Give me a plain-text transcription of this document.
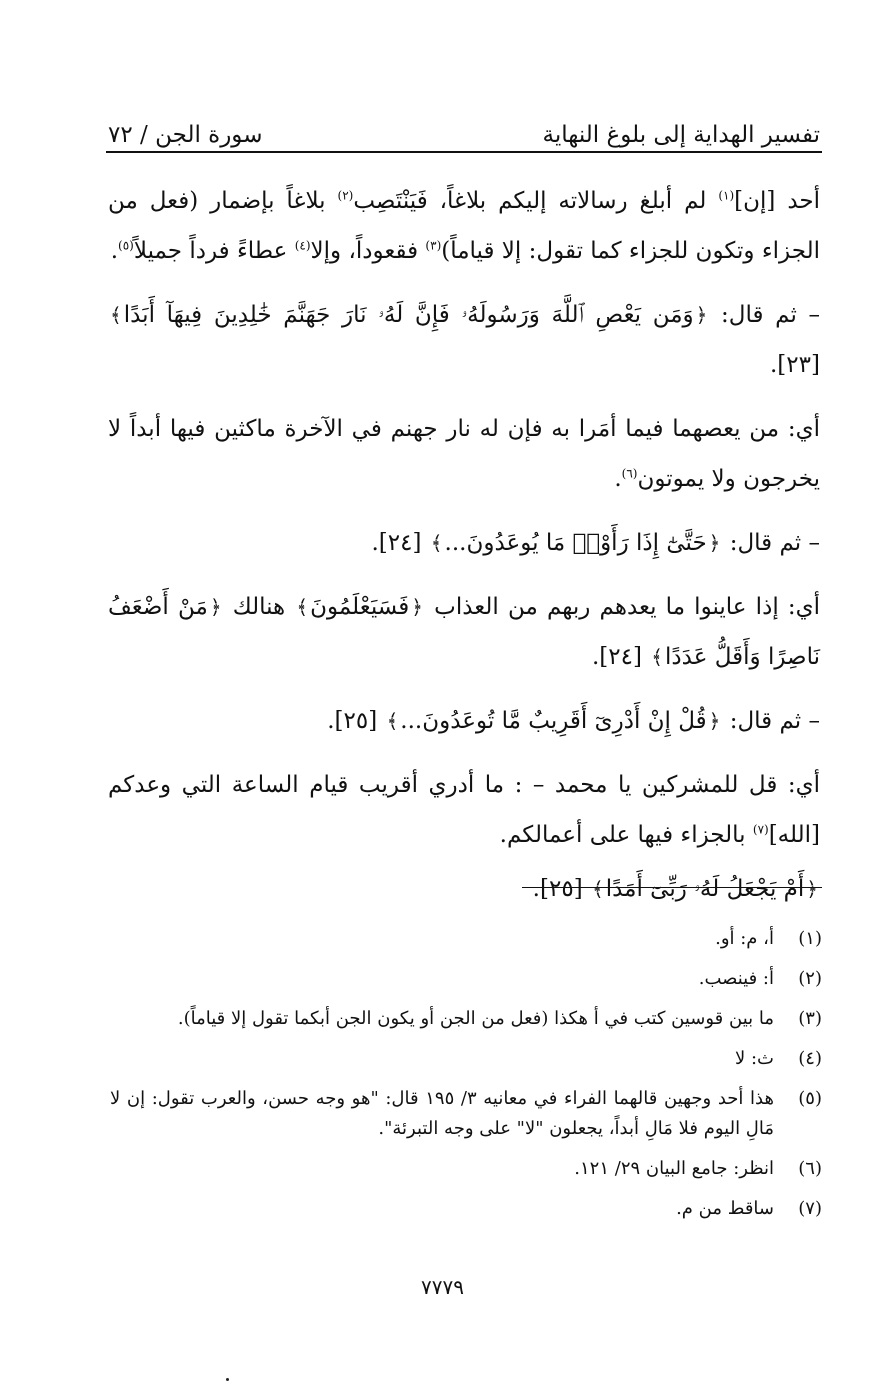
تفسير الهداية إلى بلوغ النهاية
سورة الجن / ٧٢

أحد [إن]$^{(١)}$ لم أبلغ رسالاته إليكم بلاغاً، فَيَنْتَصِب$^{(٢)}$ بلاغاً بإضمار (فعل من الجزاء وتكون للجزاء كما تقول: إلا قياماً)$^{(٣)}$ فقعوداً، وإلا$^{(٤)}$ عطاءً فرداً جميلاً$^{(٥)}$.

– ثم قال: ﴿وَمَن يَعْصِ ٱللَّهَ وَرَسُولَهُۥ فَإِنَّ لَهُۥ نَارَ جَهَنَّمَ خَٰلِدِينَ فِيهَآ أَبَدًا﴾ [٢٣].

أي: من يعصهما فيما أمَرا به فإن له نار جهنم في الآخرة ماكثين فيها أبداً لا يخرجون ولا يموتون$^{(٦)}$.

– ثم قال: ﴿حَتَّىٰٓ إِذَا رَأَوْا۟ مَا يُوعَدُونَ...﴾ [٢٤].

أي: إذا عاينوا ما يعدهم ربهم من العذاب ﴿فَسَيَعْلَمُونَ﴾ هنالك ﴿مَنْ أَضْعَفُ نَاصِرًا وَأَقَلُّ عَدَدًا﴾ [٢٤].

– ثم قال: ﴿قُلْ إِنْ أَدْرِىٓ أَقَرِيبٌ مَّا تُوعَدُونَ...﴾ [٢٥].

أي: قل للمشركين يا محمد – : ما أدري أقريب قيام الساعة التي وعدكم [الله]$^{(٧)}$ بالجزاء فيها على أعمالكم.

﴿أَمْ يَجْعَلُ لَهُۥ رَبِّىٓ أَمَدًا﴾ [٢٥].

(١)
أ، م: أو.
(٢)
أ: فينصب.
(٣)
ما بين قوسين كتب في أ هكذا (فعل من الجن أو يكون الجن أبكما تقول إلا قياماً).
(٤)
ث: لا
(٥)
هذا أحد وجهين قالهما الفراء في معانيه ٣/ ١٩٥ قال: "هو وجه حسن، والعرب تقول: إن لا مَالِ اليوم فلا مَالِ أبداً، يجعلون "لا" على وجه التبرئة".
(٦)
انظر: جامع البيان ٢٩/ ١٢١.
(٧)
ساقط من م.
٧٧٧٩
